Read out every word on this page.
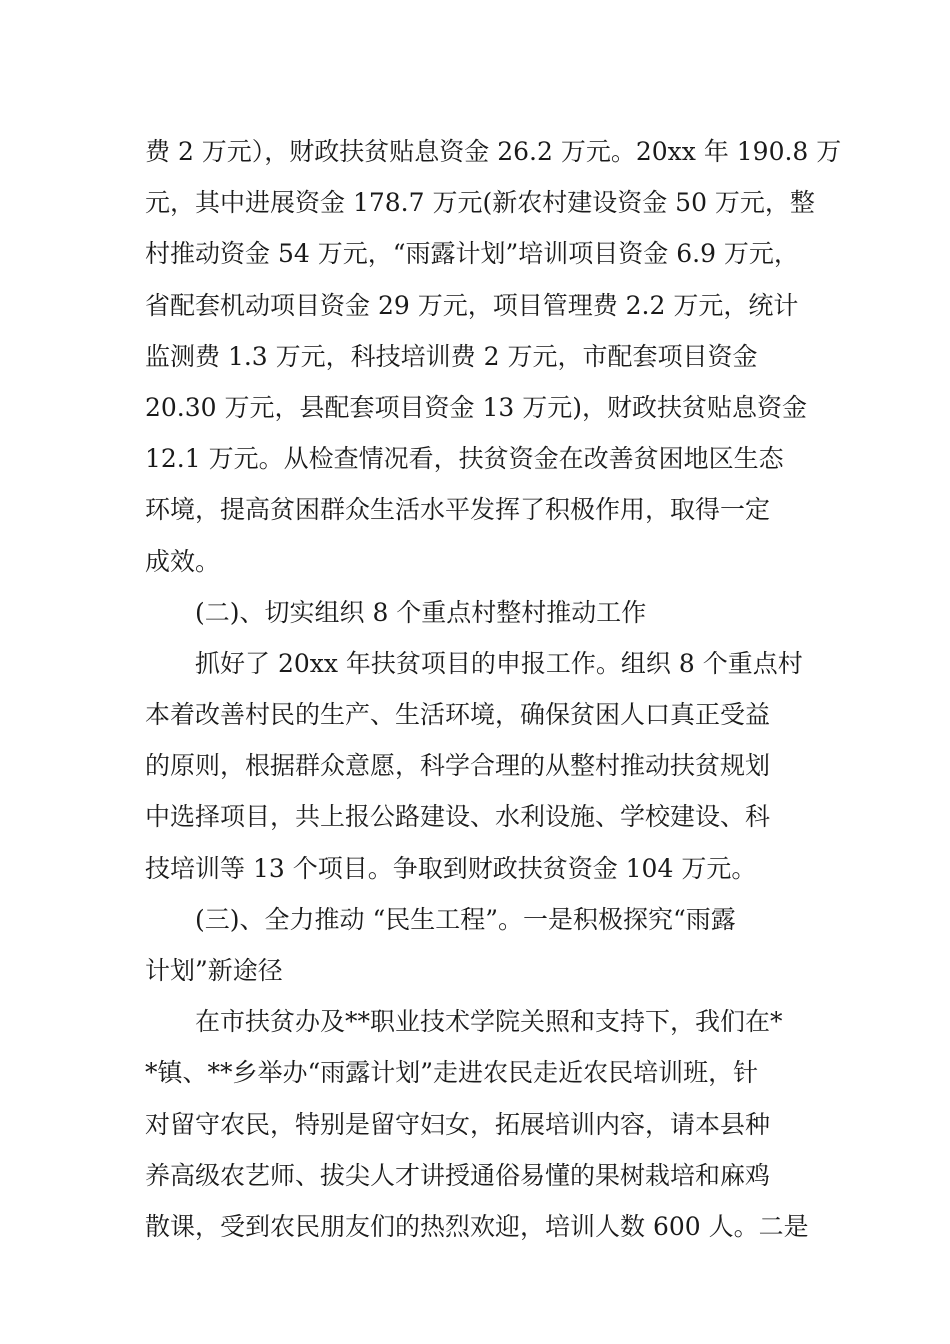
费 2 万元），财政扶贫贴息资金 26.2 万元。20xx 年 190.8 万
元，其中进展资金 178.7 万元(新农村建设资金 50 万元，整
村推动资金 54 万元，“雨露计划”培训项目资金 6.9 万元，
省配套机动项目资金 29 万元，项目管理费 2.2 万元，统计
监测费 1.3 万元，科技培训费 2 万元，市配套项目资金
20.30 万元，县配套项目资金 13 万元)，财政扶贫贴息资金
12.1 万元。从检查情况看，扶贫资金在改善贫困地区生态
环境，提高贫困群众生活水平发挥了积极作用，取得一定
成效。
(二)、切实组织 8 个重点村整村推动工作
抓好了 20xx 年扶贫项目的申报工作。组织 8 个重点村
本着改善村民的生产、生活环境，确保贫困人口真正受益
的原则，根据群众意愿，科学合理的从整村推动扶贫规划
中选择项目，共上报公路建设、水利设施、学校建设、科
技培训等 13 个项目。争取到财政扶贫资金 104 万元。
(三)、全力推动 “民生工程”。一是积极探究“雨露
计划”新途径
在市扶贫办及**职业技术学院关照和支持下，我们在*
*镇、**乡举办“雨露计划”走进农民走近农民培训班，针
对留守农民，特别是留守妇女，拓展培训内容，请本县种
养高级农艺师、拔尖人才讲授通俗易懂的果树栽培和麻鸡
散课，受到农民朋友们的热烈欢迎，培训人数 600 人。二是
